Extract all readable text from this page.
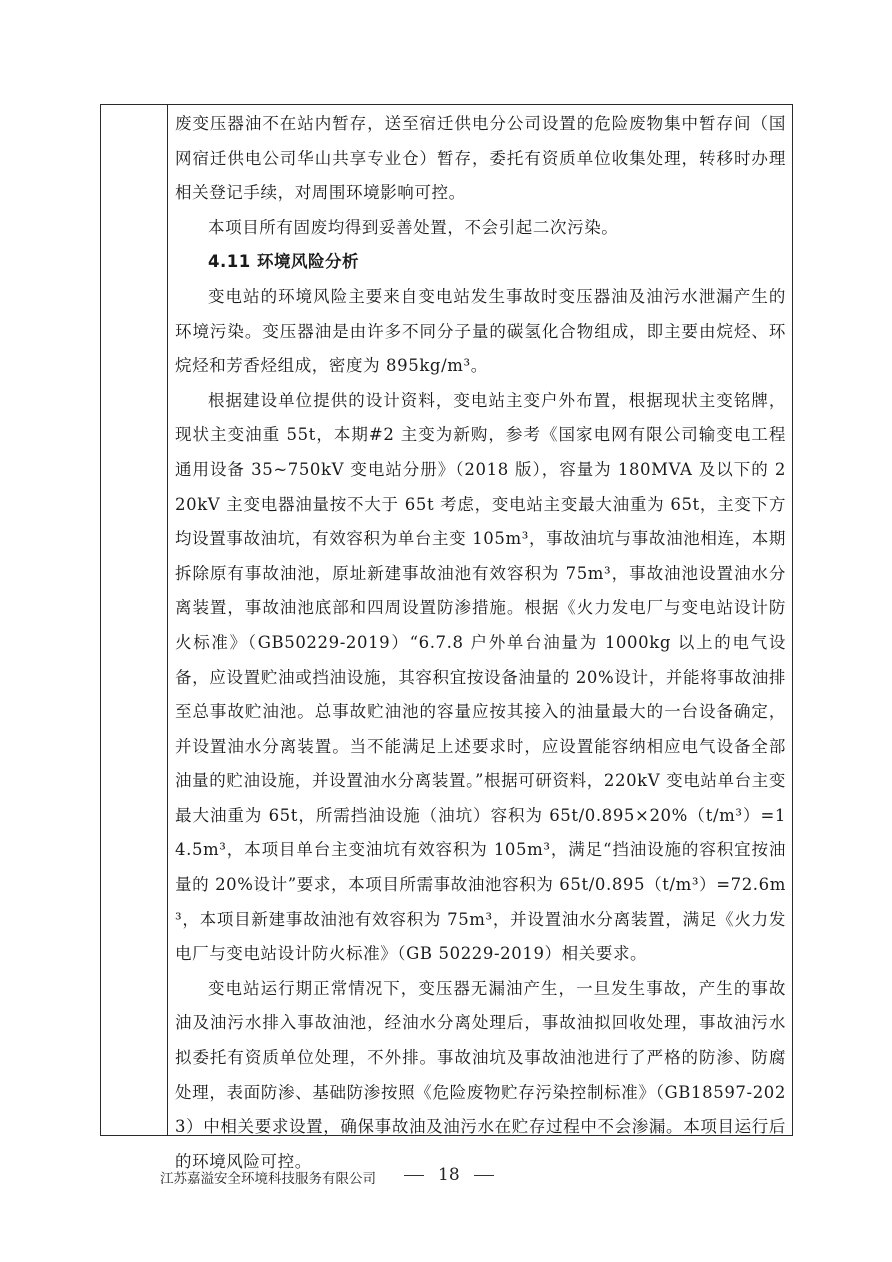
废变压器油不在站内暂存，送至宿迁供电分公司设置的危险废物集中暂存间（国网宿迁供电公司华山共享专业仓）暂存，委托有资质单位收集处理，转移时办理相关登记手续，对周围环境影响可控。

本项目所有固废均得到妥善处置，不会引起二次污染。

4.11 环境风险分析

变电站的环境风险主要来自变电站发生事故时变压器油及油污水泄漏产生的环境污染。变压器油是由许多不同分子量的碳氢化合物组成，即主要由烷烃、环烷烃和芳香烃组成，密度为 895kg/m³。

根据建设单位提供的设计资料，变电站主变户外布置，根据现状主变铭牌，现状主变油重 55t，本期#2 主变为新购，参考《国家电网有限公司输变电工程通用设备 35~750kV 变电站分册》（2018 版），容量为 180MVA 及以下的 220kV 主变电器油量按不大于 65t 考虑，变电站主变最大油重为 65t，主变下方均设置事故油坑，有效容积为单台主变 105m³，事故油坑与事故油池相连，本期拆除原有事故油池，原址新建事故油池有效容积为 75m³，事故油池设置油水分离装置，事故油池底部和四周设置防渗措施。根据《火力发电厂与变电站设计防火标准》（GB50229-2019）“6.7.8 户外单台油量为 1000kg 以上的电气设备，应设置贮油或挡油设施，其容积宜按设备油量的 20%设计，并能将事故油排至总事故贮油池。总事故贮油池的容量应按其接入的油量最大的一台设备确定，并设置油水分离装置。当不能满足上述要求时，应设置能容纳相应电气设备全部油量的贮油设施，并设置油水分离装置。”根据可研资料，220kV 变电站单台主变最大油重为 65t，所需挡油设施（油坑）容积为 65t/0.895×20%（t/m³）=14.5m³，本项目单台主变油坑有效容积为 105m³，满足“挡油设施的容积宜按油量的 20%设计”要求，本项目所需事故油池容积为 65t/0.895（t/m³）=72.6m³，本项目新建事故油池有效容积为 75m³，并设置油水分离装置，满足《火力发电厂与变电站设计防火标准》（GB 50229-2019）相关要求。

变电站运行期正常情况下，变压器无漏油产生，一旦发生事故，产生的事故油及油污水排入事故油池，经油水分离处理后，事故油拟回收处理，事故油污水拟委托有资质单位处理，不外排。事故油坑及事故油池进行了严格的防渗、防腐处理，表面防渗、基础防渗按照《危险废物贮存污染控制标准》（GB18597-2023）中相关要求设置，确保事故油及油污水在贮存过程中不会渗漏。本项目运行后的环境风险可控。

江苏嘉溢安全环境科技服务有限公司	18
